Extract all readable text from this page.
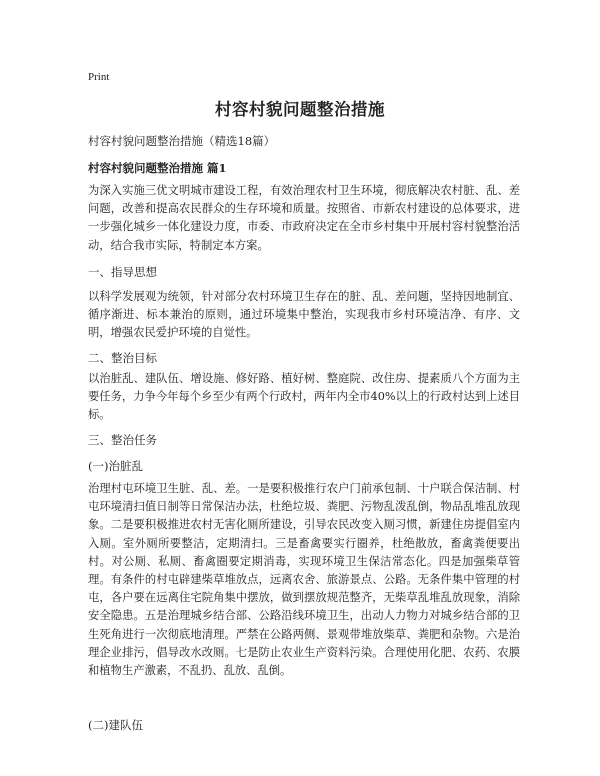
Print
村容村貌问题整治措施
村容村貌问题整治措施（精选18篇）
村容村貌问题整治措施 篇1

为深入实施三优文明城市建设工程，有效治理农村卫生环境，彻底解决农村脏、乱、差问题，改善和提高农民群众的生存环境和质量。按照省、市新农村建设的总体要求，进一步强化城乡一体化建设力度，市委、市政府决定在全市乡村集中开展村容村貌整治活动，结合我市实际，特制定本方案。

一、指导思想

以科学发展观为统领，针对部分农村环境卫生存在的脏、乱、差问题，坚持因地制宜、循序渐进、标本兼治的原则，通过环境集中整治，实现我市乡村环境洁净、有序、文明，增强农民爱护环境的自觉性。

二、整治目标

以治脏乱、建队伍、增设施、修好路、植好树、整庭院、改住房、提素质八个方面为主要任务，力争今年每个乡至少有两个行政村，两年内全市40%以上的行政村达到上述目标。

三、整治任务

(一)治脏乱

治理村屯环境卫生脏、乱、差。一是要积极推行农户门前承包制、十户联合保洁制、村屯环境清扫值日制等日常保洁办法，杜绝垃圾、粪肥、污物乱泼乱倒，物品乱堆乱放现象。二是要积极推进农村无害化厕所建设，引导农民改变入厕习惯，新建住房提倡室内入厕。室外厕所要整洁，定期清扫。三是畜禽要实行圈养，杜绝散放，畜禽粪便要出村。对公厕、私厕、畜禽圈要定期消毒，实现环境卫生保洁常态化。四是加强柴草管理。有条件的村屯辟建柴草堆放点，远离农舍、旅游景点、公路。无条件集中管理的村屯，各户要在远离住宅院角集中摆放，做到摆放规范整齐，无柴草乱堆乱放现象，消除安全隐患。五是治理城乡结合部、公路沿线环境卫生，出动人力物力对城乡结合部的卫生死角进行一次彻底地清理。严禁在公路两侧、景观带堆放柴草、粪肥和杂物。六是治理企业排污，倡导改水改厕。七是防止农业生产资料污染。合理使用化肥、农药、农膜和植物生产激素，不乱扔、乱放、乱倒。

(二)建队伍
